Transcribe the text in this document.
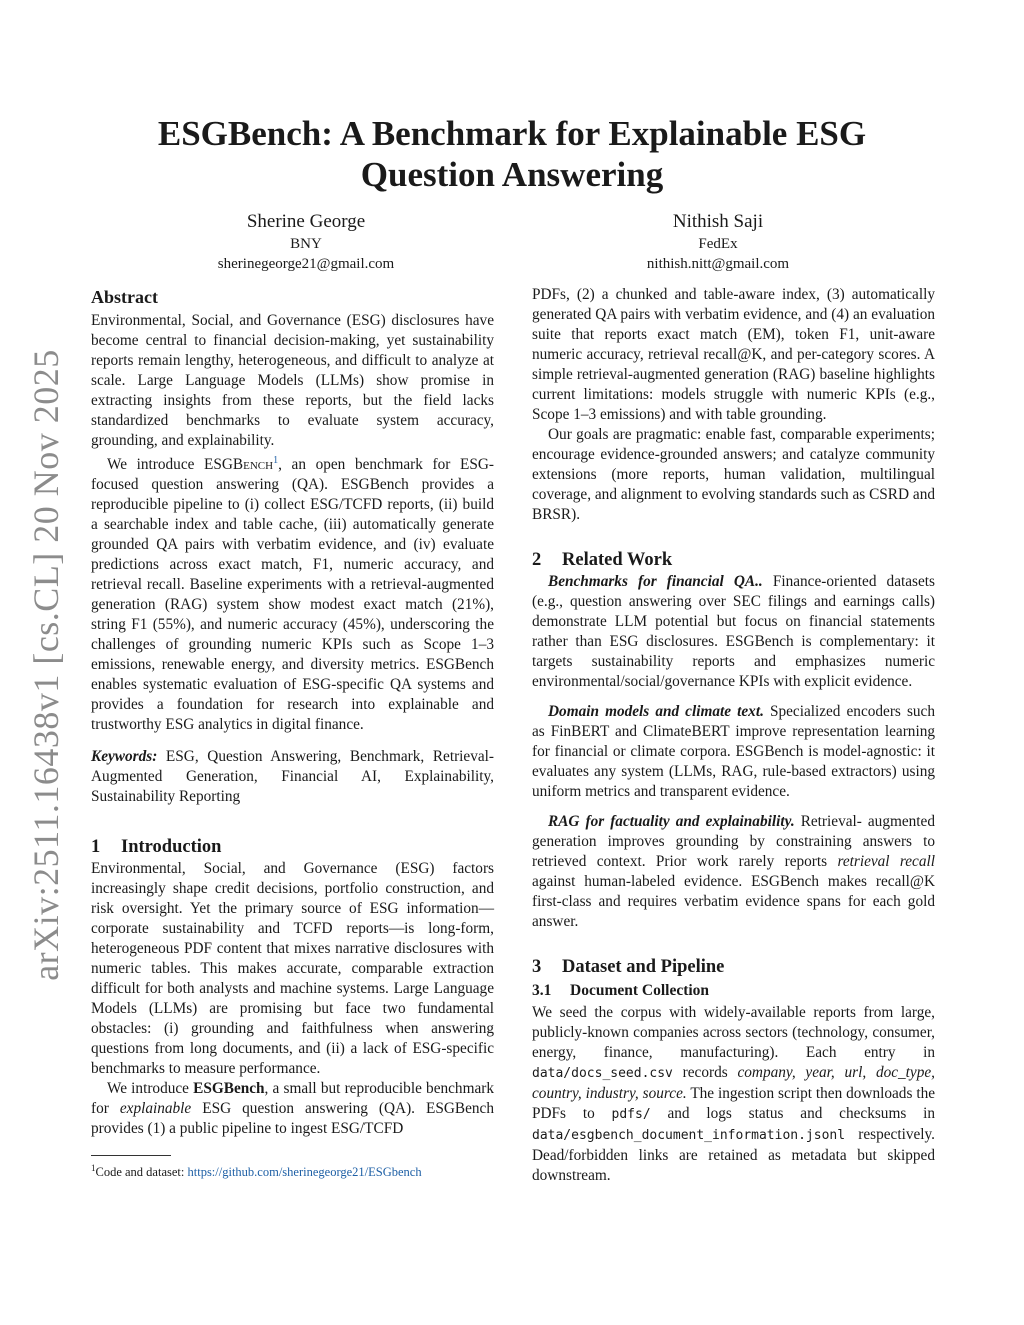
arXiv:2511.16438v1 [cs.CL] 20 Nov 2025
ESGBench: A Benchmark for Explainable ESG
Question Answering
Sherine George
BNY
sherinegeorge21@gmail.com
Nithish Saji
FedEx
nithish.nitt@gmail.com
Abstract

Environmental, Social, and Governance (ESG) disclosures have become central to financial decision-making, yet sustainability reports remain lengthy, heterogeneous, and difficult to analyze at scale. Large Language Models (LLMs) show promise in extracting insights from these reports, but the field lacks standardized benchmarks to evaluate system accuracy, grounding, and explainability.

We introduce ESGBench$^1$, an open benchmark for ESG-focused question answering (QA). ESGBench provides a reproducible pipeline to (i) collect ESG/TCFD reports, (ii) build a searchable index and table cache, (iii) automatically generate grounded QA pairs with verbatim evidence, and (iv) evaluate predictions across exact match, F1, numeric accuracy, and retrieval recall. Baseline experiments with a retrieval-augmented generation (RAG) system show modest exact match (21%), string F1 (55%), and numeric accuracy (45%), underscoring the challenges of grounding numeric KPIs such as Scope 1–3 emissions, renewable energy, and diversity metrics. ESGBench enables systematic evaluation of ESG-specific QA systems and provides a foundation for research into explainable and trustworthy ESG analytics in digital finance.

Keywords: ESG, Question Answering, Benchmark, Retrieval-Augmented Generation, Financial AI, Explainability, Sustainability Reporting

1 Introduction

Environmental, Social, and Governance (ESG) factors increasingly shape credit decisions, portfolio construction, and risk oversight. Yet the primary source of ESG information—corporate sustainability and TCFD reports—is long-form, heterogeneous PDF content that mixes narrative disclosures with numeric tables. This makes accurate, comparable extraction difficult for both analysts and machine systems. Large Language Models (LLMs) are promising but face two fundamental obstacles: (i) grounding and faithfulness when answering questions from long documents, and (ii) a lack of ESG-specific benchmarks to measure performance.

We introduce ESGBench, a small but reproducible benchmark for explainable ESG question answering (QA). ESGBench provides (1) a public pipeline to ingest ESG/TCFD

$^1$Code and dataset: https://github.com/sherinegeorge21/ESGbench

PDFs, (2) a chunked and table-aware index, (3) automatically generated QA pairs with verbatim evidence, and (4) an evaluation suite that reports exact match (EM), token F1, unit-aware numeric accuracy, retrieval recall@K, and per-category scores. A simple retrieval-augmented generation (RAG) baseline highlights current limitations: models struggle with numeric KPIs (e.g., Scope 1–3 emissions) and with table grounding.

Our goals are pragmatic: enable fast, comparable experiments; encourage evidence-grounded answers; and catalyze community extensions (more reports, human validation, multilingual coverage, and alignment to evolving standards such as CSRD and BRSR).

2 Related Work

Benchmarks for financial QA.. Finance-oriented datasets (e.g., question answering over SEC filings and earnings calls) demonstrate LLM potential but focus on financial statements rather than ESG disclosures. ESGBench is complementary: it targets sustainability reports and emphasizes numeric environmental/social/governance KPIs with explicit evidence.

Domain models and climate text. Specialized encoders such as FinBERT and ClimateBERT improve representation learning for financial or climate corpora. ESGBench is model-agnostic: it evaluates any system (LLMs, RAG, rule-based extractors) using uniform metrics and transparent evidence.

RAG for factuality and explainability. Retrieval- augmented generation improves grounding by constraining answers to retrieved context. Prior work rarely reports retrieval recall against human-labeled evidence. ESGBench makes recall@K first-class and requires verbatim evidence spans for each gold answer.

3 Dataset and Pipeline
3.1 Document Collection

We seed the corpus with widely-available reports from large, publicly-known companies across sectors (technology, consumer, energy, finance, manufacturing). Each entry in data/docs_seed.csv records company, year, url, doc_type, country, industry, source. The ingestion script then downloads the PDFs to pdfs/ and logs status and checksums in data/esgbench_document_information.jsonl respectively. Dead/forbidden links are retained as metadata but skipped downstream.
